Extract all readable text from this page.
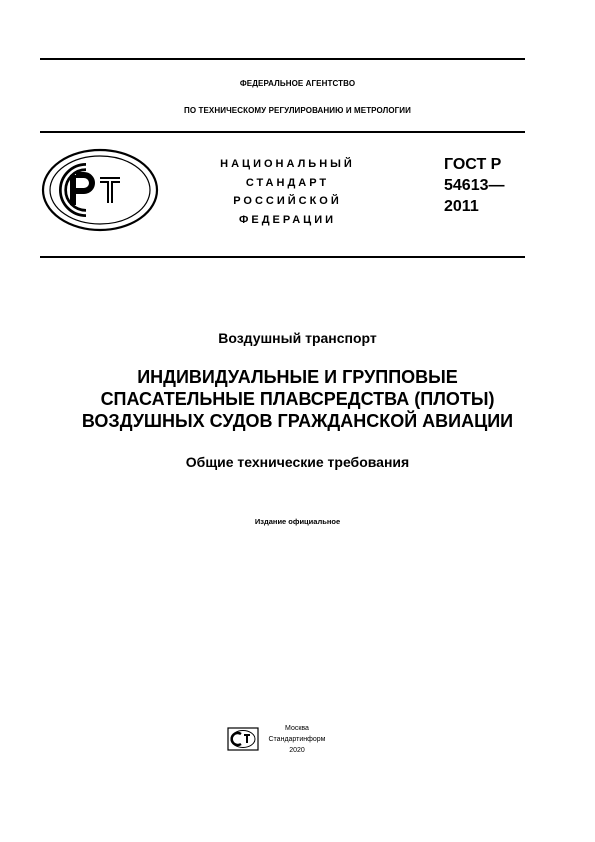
ФЕДЕРАЛЬНОЕ АГЕНТСТВО
ПО ТЕХНИЧЕСКОМУ РЕГУЛИРОВАНИЮ И МЕТРОЛОГИИ
НАЦИОНАЛЬНЫЙ
СТАНДАРТ
РОССИЙСКОЙ
ФЕДЕРАЦИИ
ГОСТ Р
54613—
2011
Воздушный транспорт
ИНДИВИДУАЛЬНЫЕ И ГРУППОВЫЕ
СПАСАТЕЛЬНЫЕ ПЛАВСРЕДСТВА (ПЛОТЫ)
ВОЗДУШНЫХ СУДОВ ГРАЖДАНСКОЙ АВИАЦИИ
Общие технические требования
Издание официальное
Москва
Стандартинформ
2020
